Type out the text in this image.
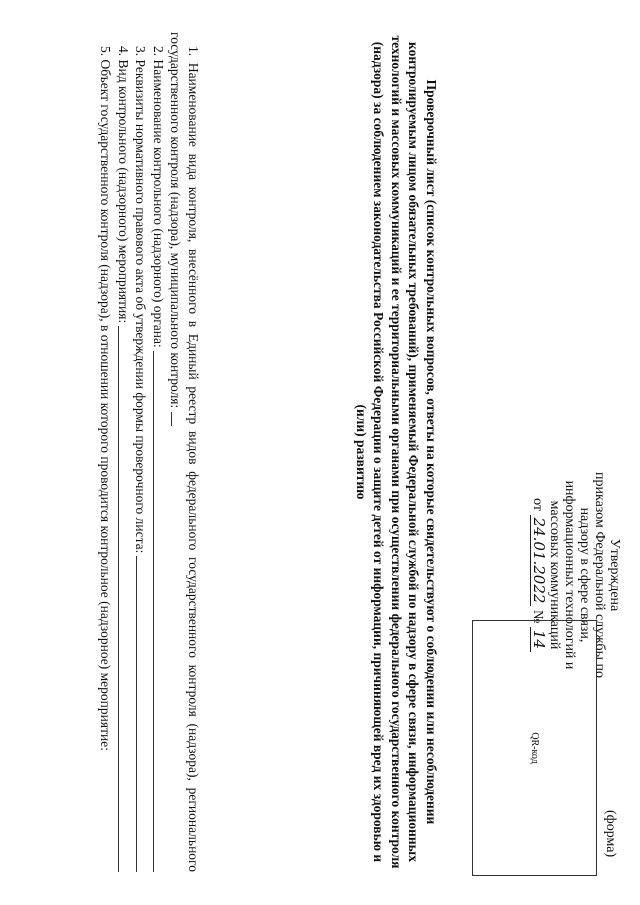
Утверждена
приказом Федеральной службы по
надзору в сфере связи,
информационных технологий и
массовых коммуникаций
от 24.01.2022 № 14
(форма)
QR-код

Проверочный лист (список контрольных вопросов, ответы на которые свидетельствуют о соблюдении или несоблюдении контролируемым лицом обязательных требований), применяемый Федеральной службой по надзору в сфере связи, информационных технологий и массовых коммуникаций и ее территориальными органами при осуществлении федерального государственного контроля (надзора) за соблюдением законодательства Российской Федерации о защите детей от информации, причиняющей вред их здоровью и (или) развитию

1. Наименование вида контроля, внесённого в Единый реестр видов федерального государственного контроля (надзора), регионального государственного контроля (надзора), муниципального контроля:
2. Наименование контрольного (надзорного) органа:
3. Реквизиты нормативного правового акта об утверждении формы проверочного листа:
4. Вид контрольного (надзорного) мероприятия:
5. Объект государственного контроля (надзора), в отношении которого проводится контрольное (надзорное) мероприятие:
